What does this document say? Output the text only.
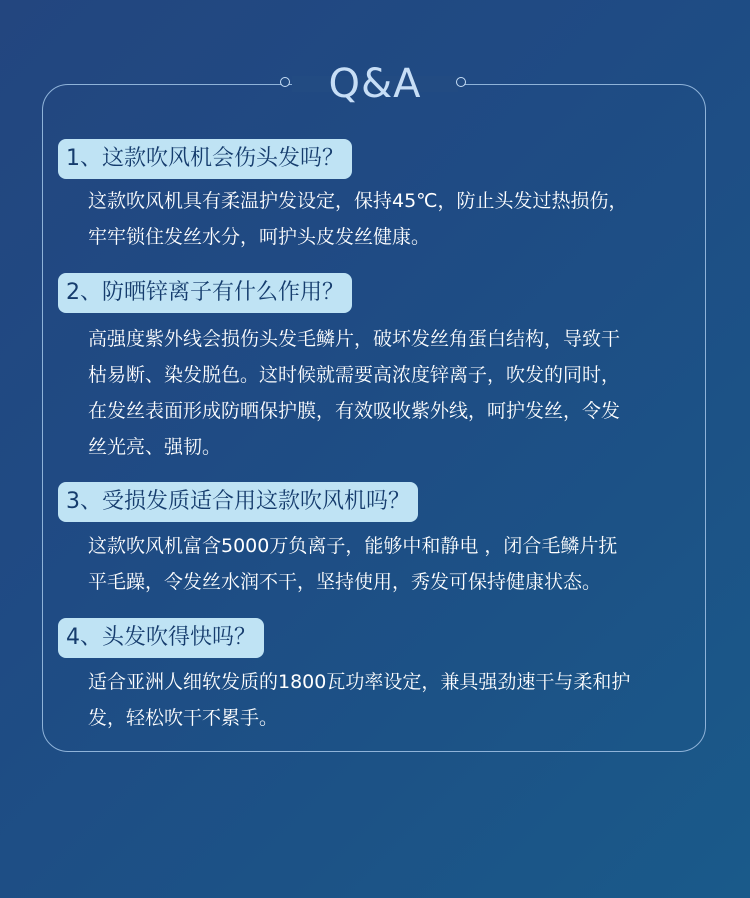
Q&A
1、这款吹风机会伤头发吗？
这款吹风机具有柔温护发设定，保持45℃，防止头发过热损伤，
牢牢锁住发丝水分，呵护头皮发丝健康。
2、防晒锌离子有什么作用？
高强度紫外线会损伤头发毛鳞片，破坏发丝角蛋白结构，导致干
枯易断、染发脱色。这时候就需要高浓度锌离子，吹发的同时，
在发丝表面形成防晒保护膜，有效吸收紫外线，呵护发丝，令发
丝光亮、强韧。
3、受损发质适合用这款吹风机吗？
这款吹风机富含5000万负离子，能够中和静电 ，闭合毛鳞片抚
平毛躁，令发丝水润不干，坚持使用，秀发可保持健康状态。
4、头发吹得快吗？
适合亚洲人细软发质的1800瓦功率设定，兼具强劲速干与柔和护
发，轻松吹干不累手。
